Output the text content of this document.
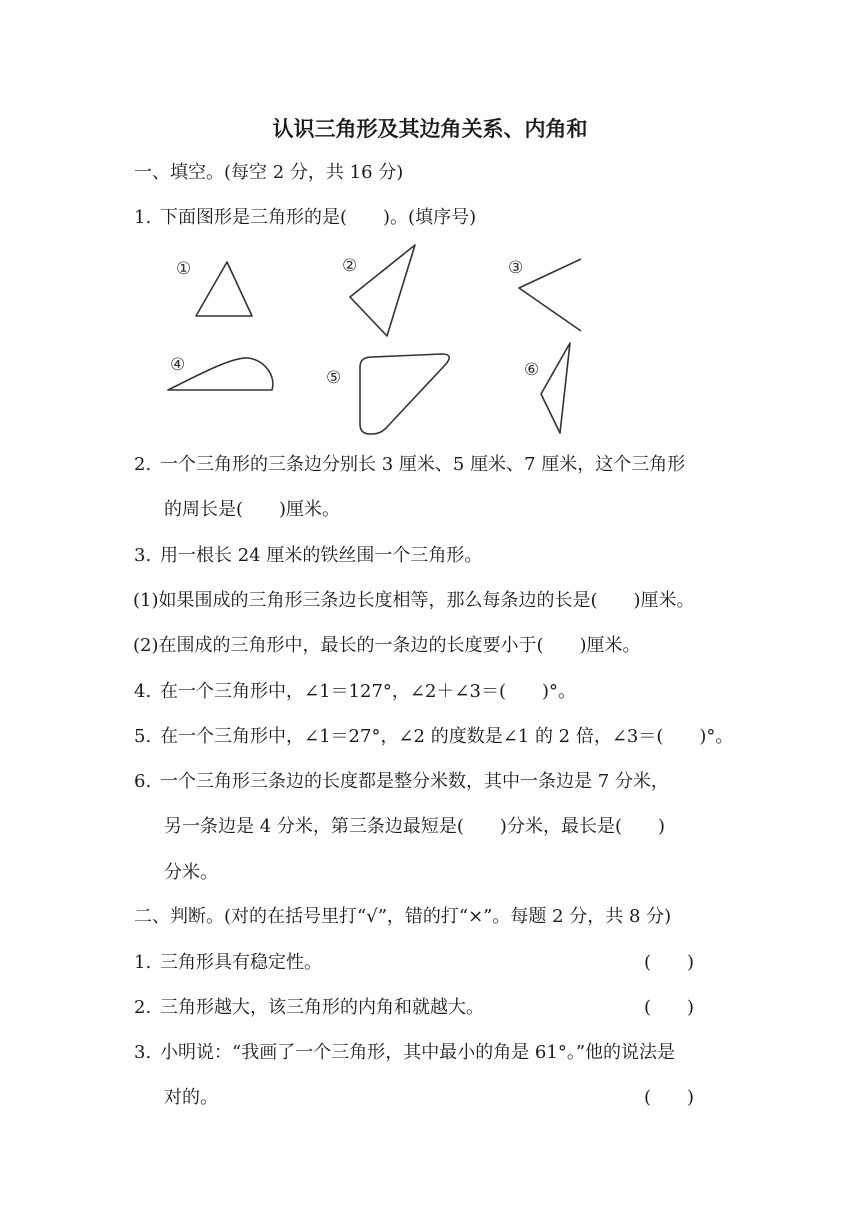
认识三角形及其边角关系、内角和
一、填空。(每空 2 分，共 16 分)
1. 下面图形是三角形的是(　　)。(填序号)
①	②	③
④
⑤	⑥
2. 一个三角形的三条边分别长 3 厘米、5 厘米、7 厘米，这个三角形
的周长是(　　)厘米。
3. 用一根长 24 厘米的铁丝围一个三角形。
(1)如果围成的三角形三条边长度相等，那么每条边的长是(　　)厘米。
(2)在围成的三角形中，最长的一条边的长度要小于(　　)厘米。
4. 在一个三角形中，∠1＝127°，∠2＋∠3＝(　　)°。
5. 在一个三角形中，∠1＝27°，∠2 的度数是∠1 的 2 倍，∠3＝(　　)°。
6. 一个三角形三条边的长度都是整分米数，其中一条边是 7 分米，
另一条边是 4 分米，第三条边最短是(　　)分米，最长是(　　)
分米。
二、判断。(对的在括号里打“√”，错的打“×”。每题 2 分，共 8 分)
1. 三角形具有稳定性。	(　　)
2. 三角形越大，该三角形的内角和就越大。	(　　)
3. 小明说：“我画了一个三角形，其中最小的角是 61°。”他的说法是
对的。	(　　)
